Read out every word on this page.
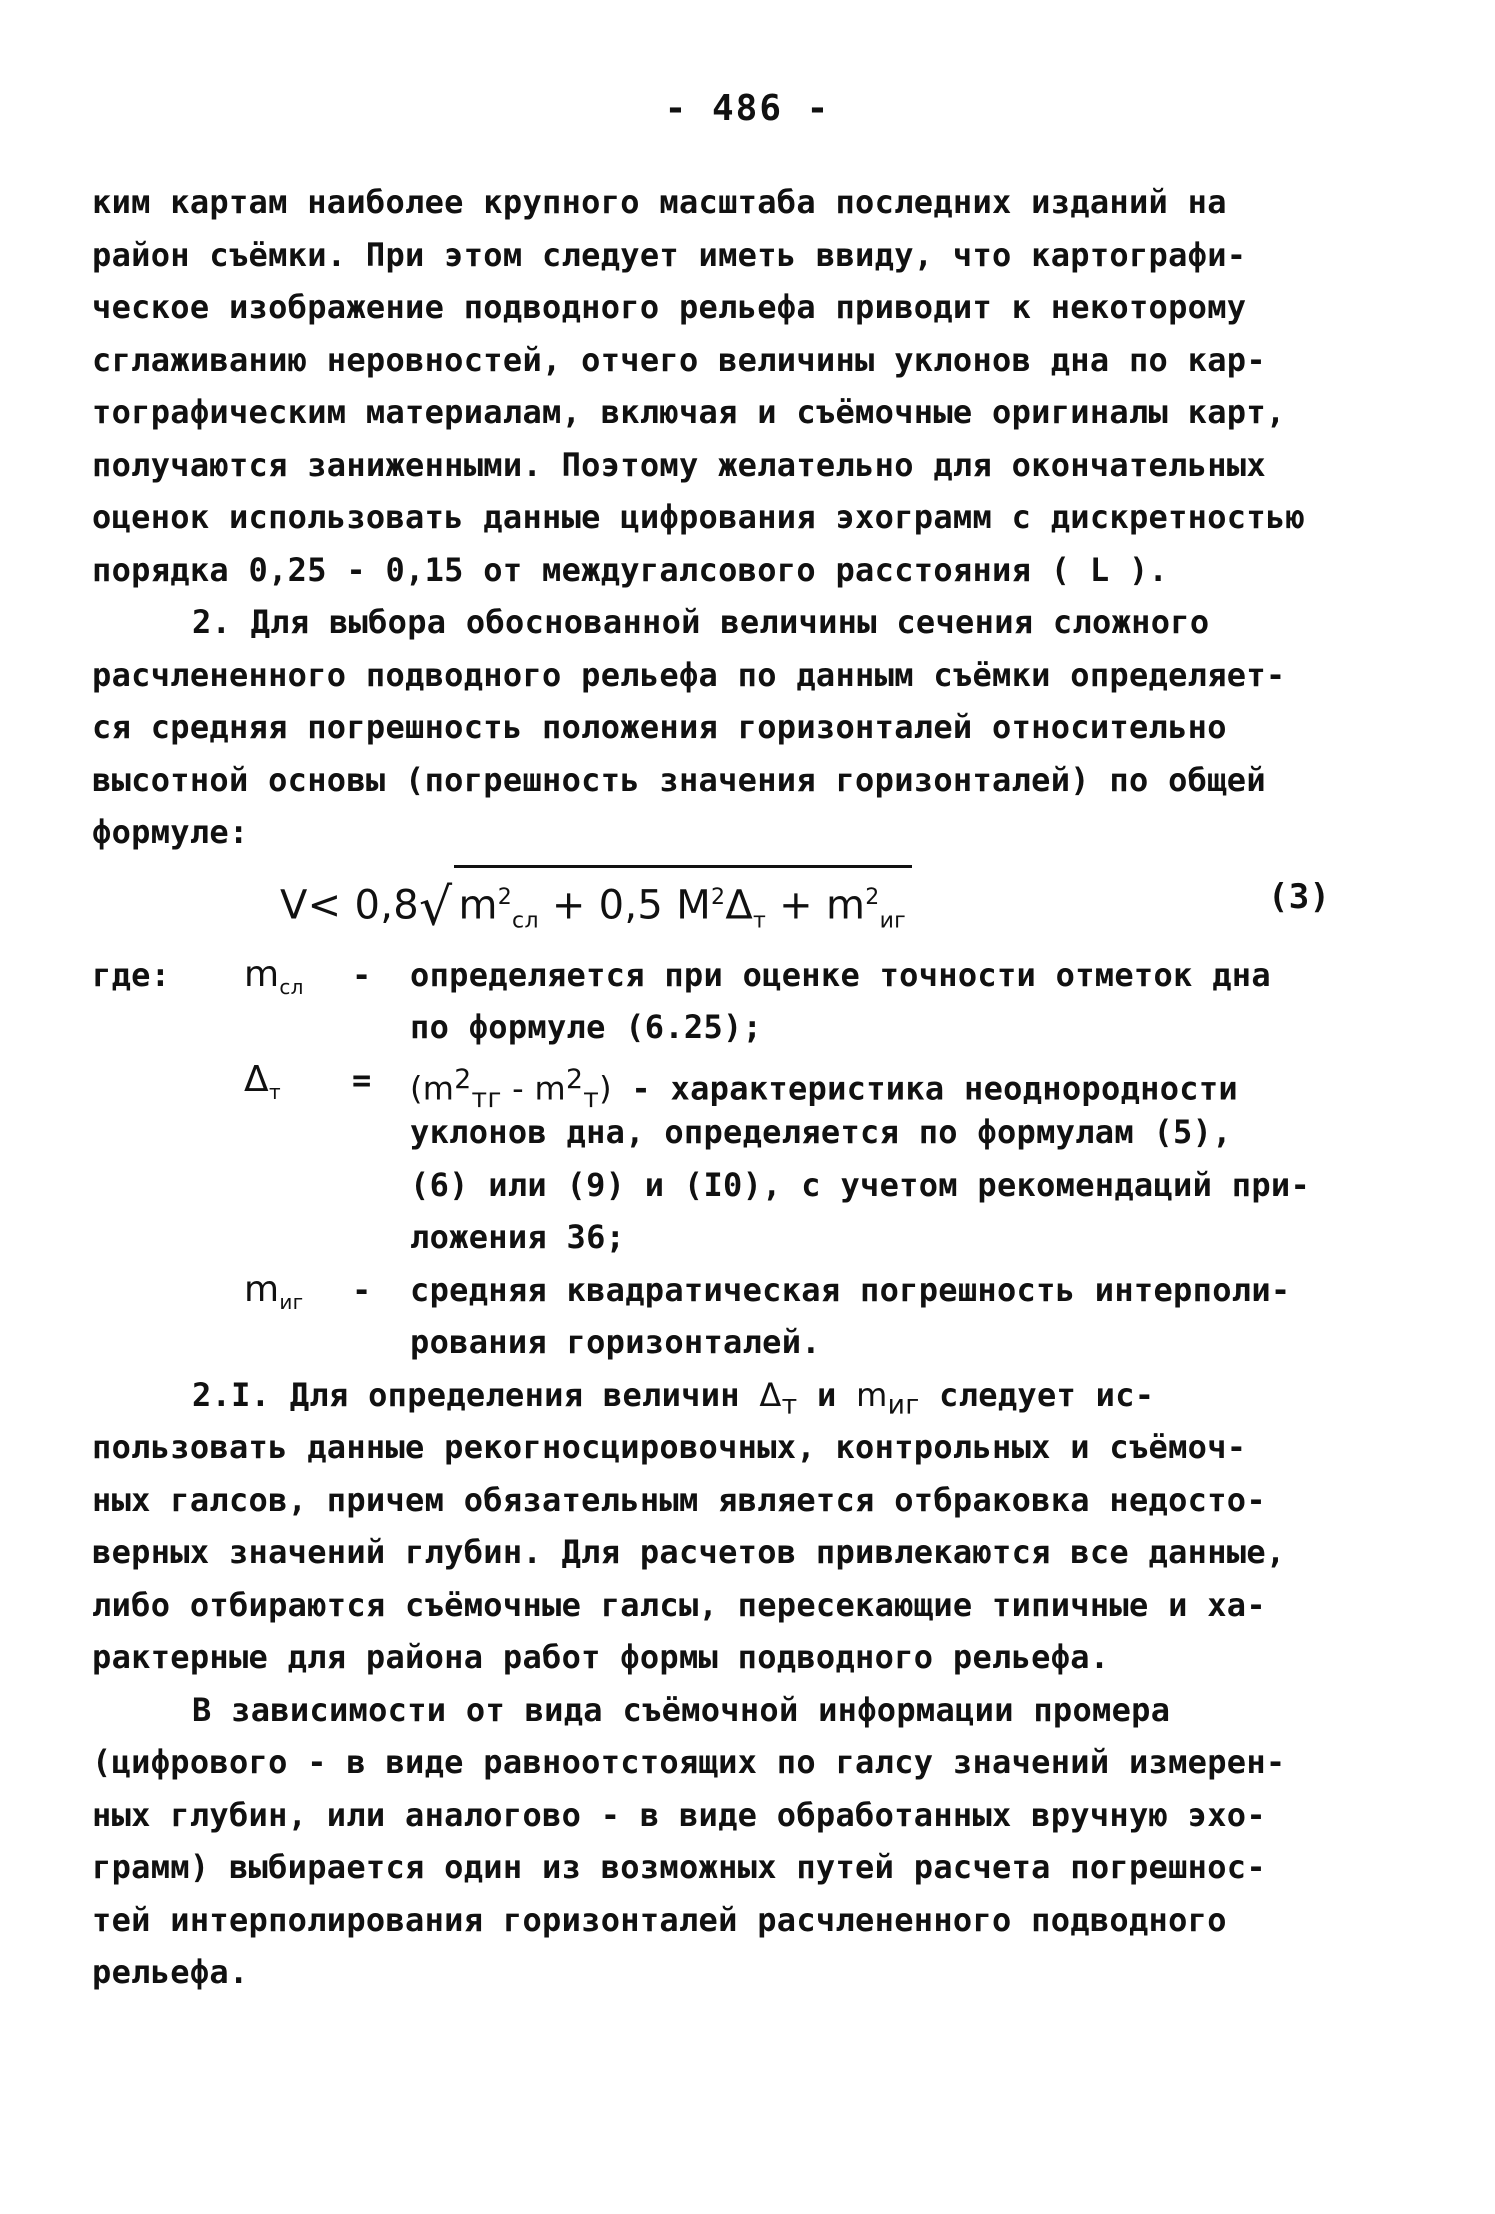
- 486 -
ким картам наиболее крупного масштаба последних изданий на
район съёмки. При этом следует иметь ввиду, что картографи-
ческое изображение подводного рельефа приводит к некоторому
сглаживанию неровностей, отчего величины уклонов дна по кар-
тографическим материалам, включая и съёмочные оригиналы карт,
получаются заниженными. Поэтому желательно для окончательных
оценок использовать данные цифрования эхограмм с дискретностью
порядка 0,25 - 0,15 от междугалсового расстояния ( L ).
2. Для выбора обоснованной величины сечения сложного
расчлененного подводного рельефа по данным съёмки определяет-
ся средняя погрешность положения горизонталей относительно
высотной основы (погрешность значения горизонталей) по общей
формуле:
V< 0,8√ $m^2_{сл} + 0,5$ $M^2\Delta_т + m^2_{иг}$
(3)
где: $m_{сл}$	- определяется при оценке точности отметок дна
по формуле (6.25);
$\Delta_т$	= $(m^2_{тг} - m^2_т)$ - характеристика неоднородности
уклонов дна, определяется по формулам (5),
(6) или (9) и (I0), с учетом рекомендаций при-
ложения 36;
$m_{иг}$	- средняя квадратическая погрешность интерполи-
рования горизонталей.
2.I. Для определения величин $\Delta_т$ и $m_{иг}$ следует ис-
пользовать данные рекогносцировочных, контрольных и съёмоч-
ных галсов, причем обязательным является отбраковка недосто-
верных значений глубин. Для расчетов привлекаются все данные,
либо отбираются съёмочные галсы, пересекающие типичные и ха-
рактерные для района работ формы подводного рельефа.
В зависимости от вида съёмочной информации промера
(цифрового - в виде равноотстоящих по галсу значений измерен-
ных глубин, или аналогово - в виде обработанных вручную эхо-
грамм) выбирается один из возможных путей расчета погрешнос-
тей интерполирования горизонталей расчлененного подводного
рельефа.
